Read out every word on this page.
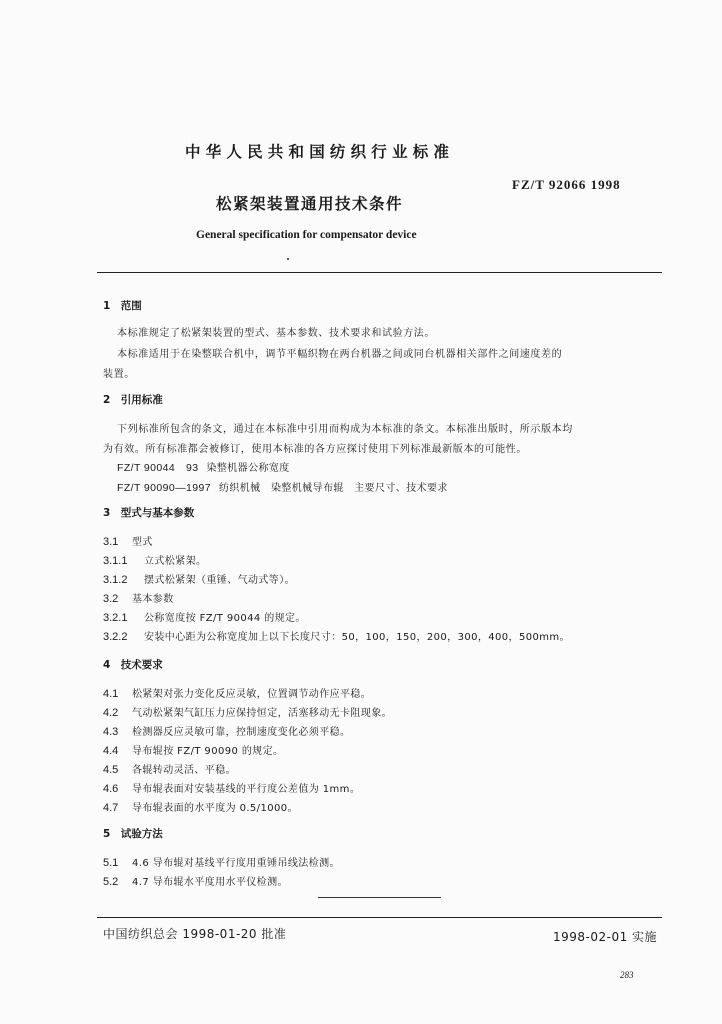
中华人民共和国纺织行业标准
FZ/T 92066 1998
松紧架装置通用技术条件
General specification for compensator device
1　范围
本标准规定了松紧架装置的型式、基本参数、技术要求和试验方法。
本标准适用于在染整联合机中，调节平幅织物在两台机器之间或同台机器相关部件之间速度差的
装置。
2　引用标准
下列标准所包含的条文，通过在本标准中引用而构成为本标准的条文。本标准出版时，所示版本均
为有效。所有标准都会被修订，使用本标准的各方应探讨使用下列标准最新版本的可能性。
FZ/T 90044　93 染整机器公称宽度
FZ/T 90090—1997 纺织机械　染整机械导布辊　主要尺寸、技术要求
3　型式与基本参数
3.1 型式
3.1.1 立式松紧架。
3.1.2 摆式松紧架（重锤、气动式等）。
3.2 基本参数
3.2.1 公称宽度按 FZ/T 90044 的规定。
3.2.2 安装中心距为公称宽度加上以下长度尺寸：50，100，150，200，300，400，500mm。
4　技术要求
4.1 松紧架对张力变化反应灵敏，位置调节动作应平稳。
4.2 气动松紧架气缸压力应保持恒定，活塞移动无卡阻现象。
4.3 检测器反应灵敏可靠，控制速度变化必须平稳。
4.4 导布辊按 FZ/T 90090 的规定。
4.5 各辊转动灵活、平稳。
4.6 导布辊表面对安装基线的平行度公差值为 1mm。
4.7 导布辊表面的水平度为 0.5/1000。
5　试验方法
5.1 4.6 导布辊对基线平行度用重锤吊线法检测。
5.2 4.7 导布辊水平度用水平仪检测。
中国纺织总会 1998-01-20 批准	1998-02-01 实施
283
